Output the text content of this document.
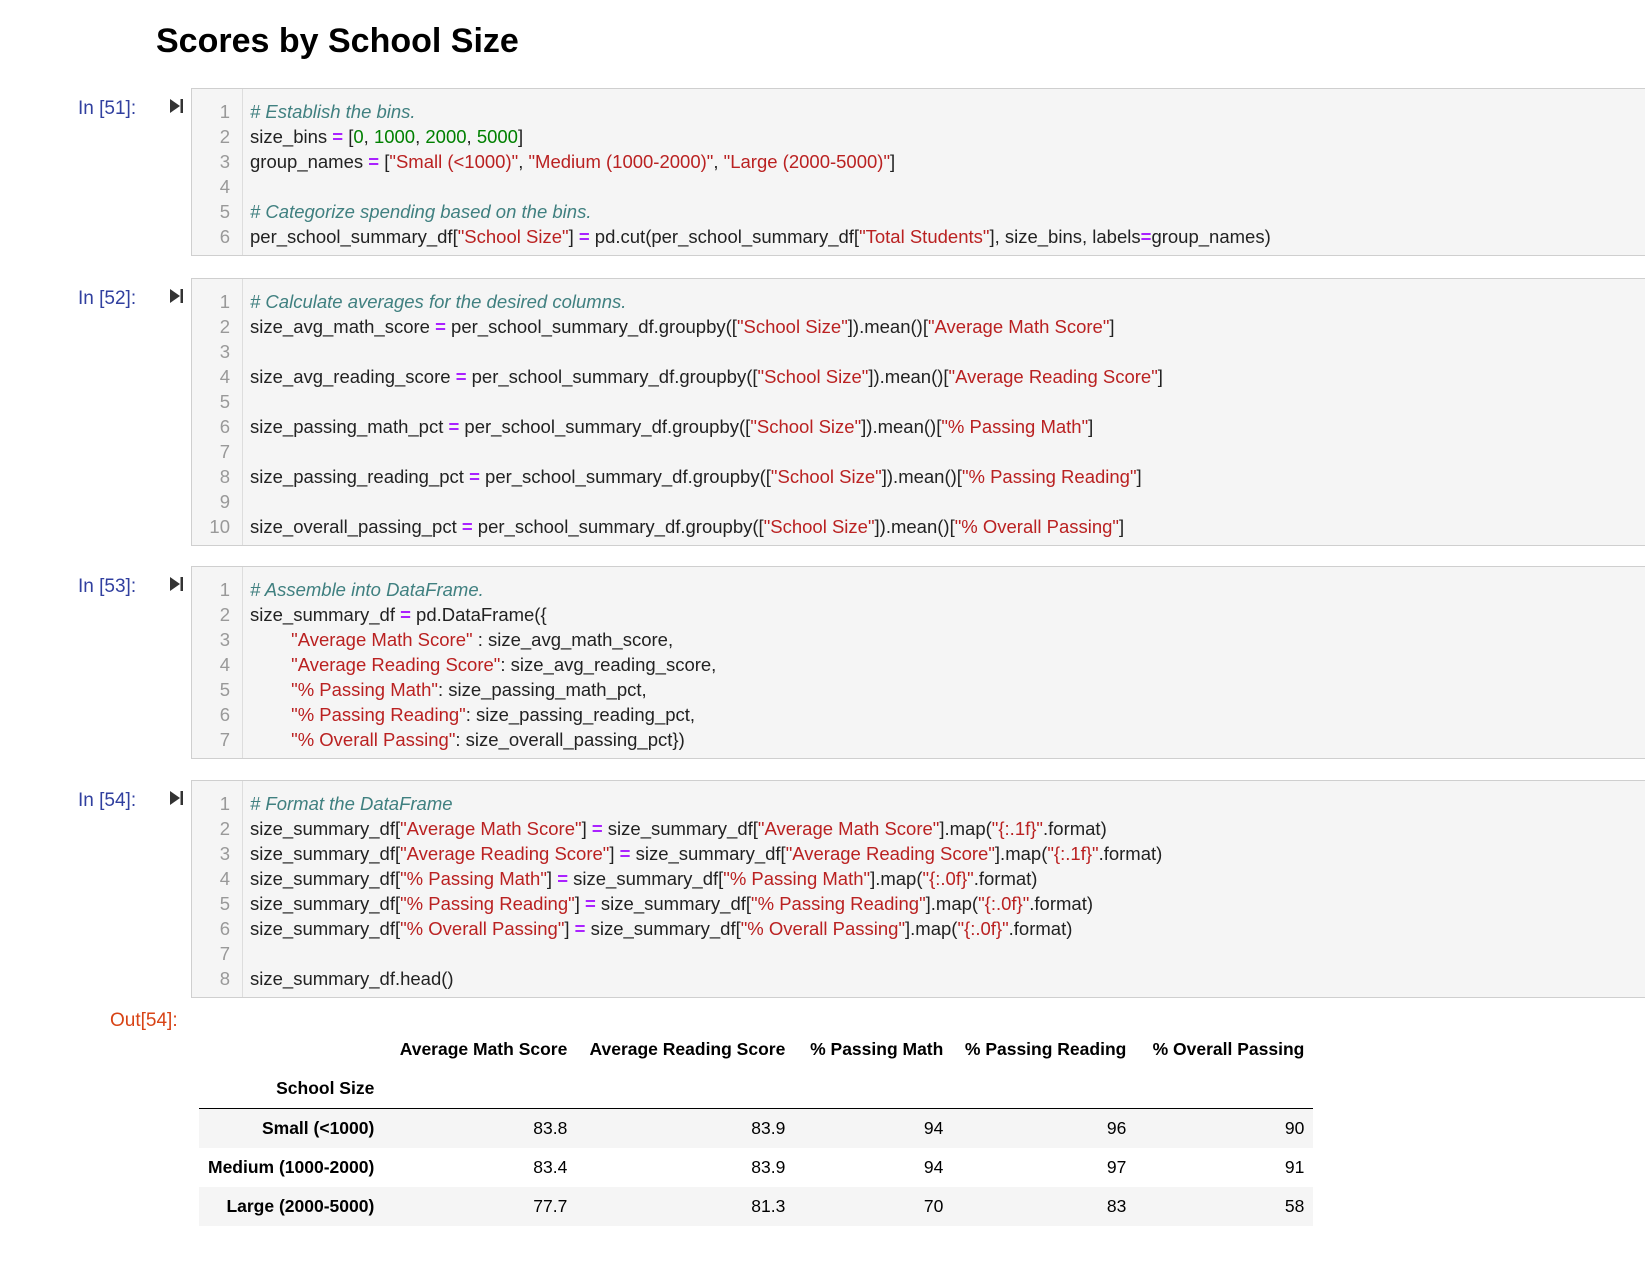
Scores by School Size
In [51]:	1 # Establish the bins.
2 size_bins = [0, 1000, 2000, 5000]
3 group_names = ["Small (<1000)", "Medium (1000-2000)", "Large (2000-5000)"]
4
5 # Categorize spending based on the bins.
6 per_school_summary_df["School Size"] = pd.cut(per_school_summary_df["Total Students"], size_bins, labels=group_names)
In [52]:	1 # Calculate averages for the desired columns.
2 size_avg_math_score = per_school_summary_df.groupby(["School Size"]).mean()["Average Math Score"]
3
4 size_avg_reading_score = per_school_summary_df.groupby(["School Size"]).mean()["Average Reading Score"]
5
6 size_passing_math_pct = per_school_summary_df.groupby(["School Size"]).mean()["% Passing Math"]
7
8 size_passing_reading_pct = per_school_summary_df.groupby(["School Size"]).mean()["% Passing Reading"]
9
10 size_overall_passing_pct = per_school_summary_df.groupby(["School Size"]).mean()["% Overall Passing"]
In [53]:	1 # Assemble into DataFrame.
2 size_summary_df = pd.DataFrame({
3	"Average Math Score" : size_avg_math_score,
4	"Average Reading Score": size_avg_reading_score,
5	"% Passing Math": size_passing_math_pct,
6	"% Passing Reading": size_passing_reading_pct,
7	"% Overall Passing": size_overall_passing_pct})
In [54]:	1 # Format the DataFrame
2 size_summary_df["Average Math Score"] = size_summary_df["Average Math Score"].map("{:.1f}".format)
3 size_summary_df["Average Reading Score"] = size_summary_df["Average Reading Score"].map("{:.1f}".format)
4 size_summary_df["% Passing Math"] = size_summary_df["% Passing Math"].map("{:.0f}".format)
5 size_summary_df["% Passing Reading"] = size_summary_df["% Passing Reading"].map("{:.0f}".format)
6 size_summary_df["% Overall Passing"] = size_summary_df["% Overall Passing"].map("{:.0f}".format)
7
8 size_summary_df.head()
Out[54]:
	Average Math Score	Average Reading Score	% Passing Math	% Passing Reading	% Overall Passing
School Size					
Small (<1000)	83.8	83.9	94	96	90
Medium (1000-2000)	83.4	83.9	94	97	91
Large (2000-5000)	77.7	81.3	70	83	58
